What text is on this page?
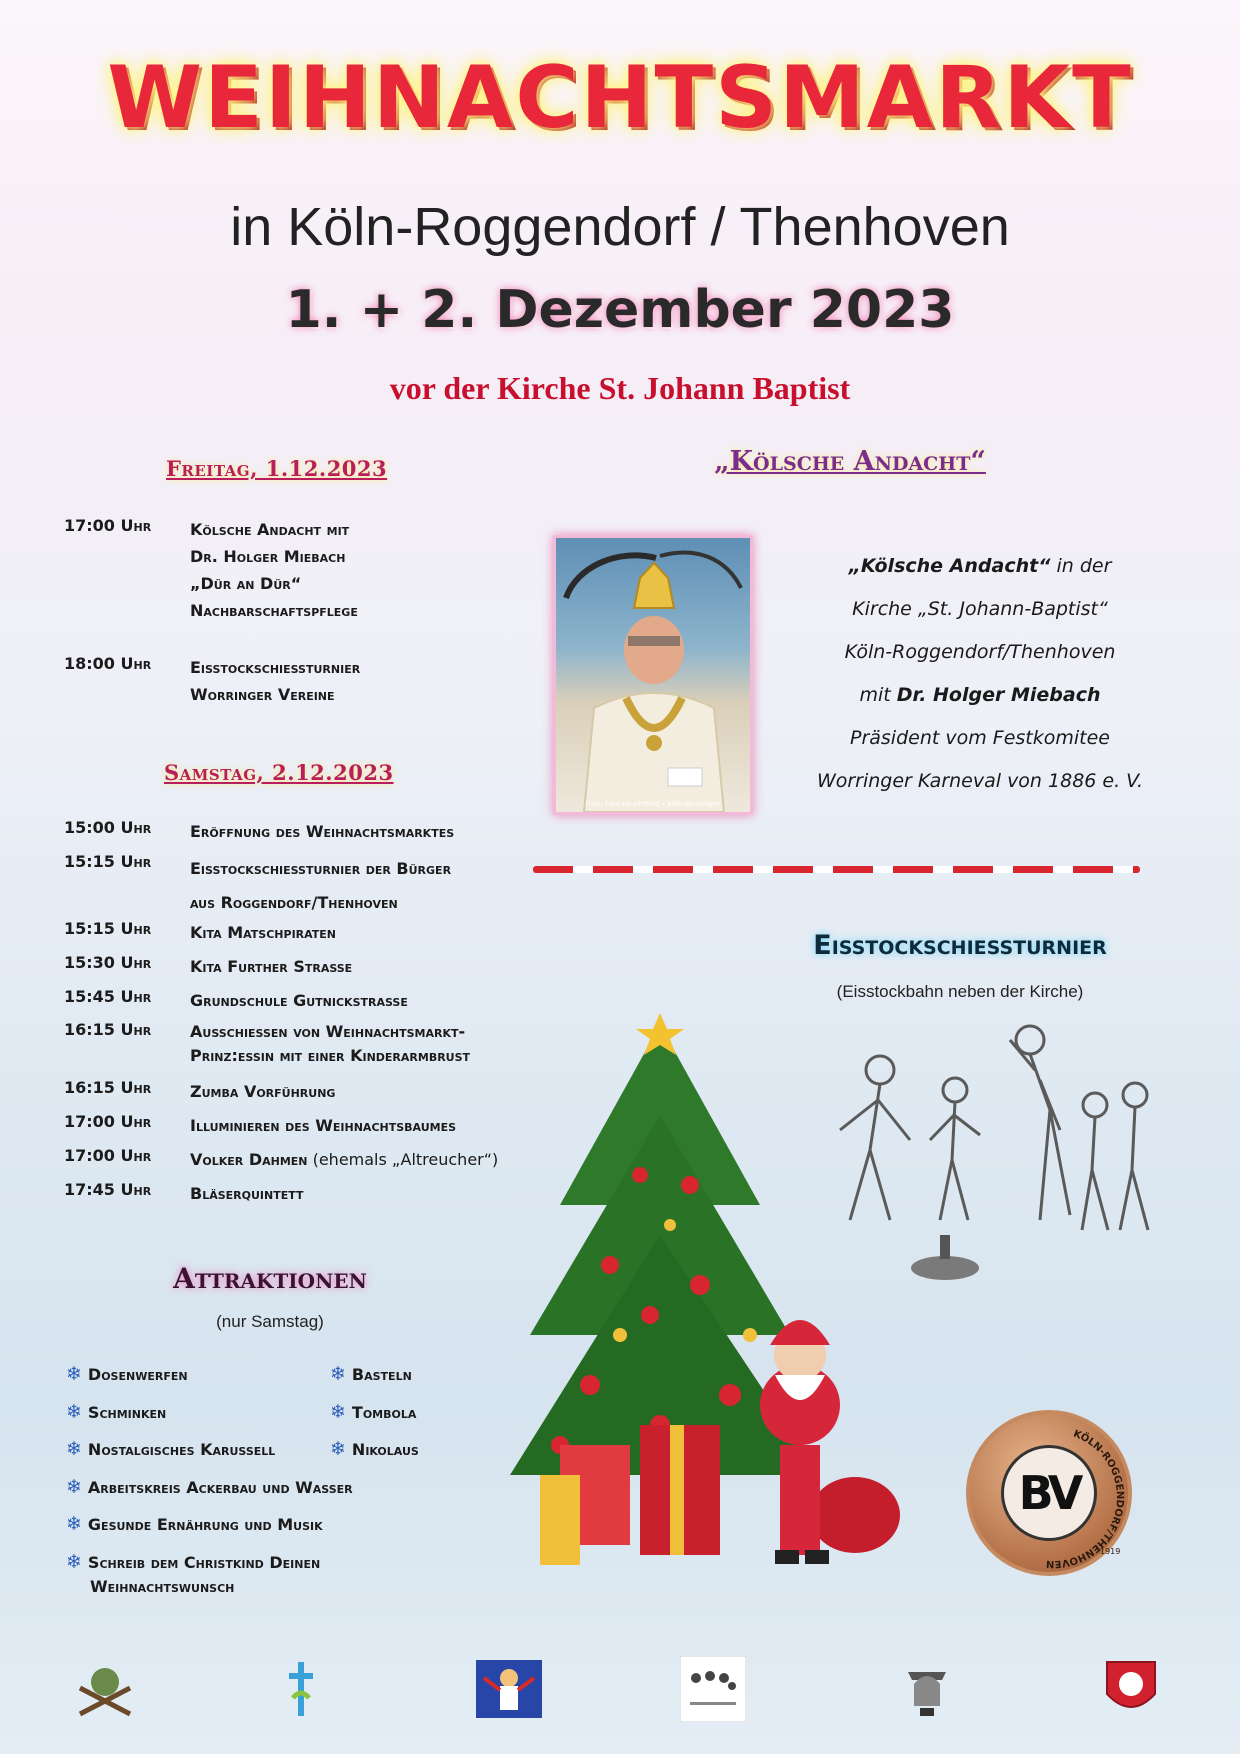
WEIHNACHTSMARKT
in Köln-Roggendorf / Thenhoven
1. + 2. Dezember 2023
vor der Kirche St. Johann Baptist
Freitag, 1.12.2023
17:00 Uhr Kölsche Andacht mit
Dr. Holger Miebach
„Dür an Dür“
Nachbarschaftspflege
18:00 Uhr Eisstockschießturnier
Worringer Vereine
Samstag, 2.12.2023
15:00 Uhr Eröffnung des Weihnachtsmarktes
15:15 Uhr Eisstockschießturnier der Bürger
aus Roggendorf/Thenhoven
15:15 Uhr Kita Matschpiraten
15:30 Uhr Kita Further Straße
15:45 Uhr Grundschule Gutnickstraße
16:15 Uhr Ausschießen von Weihnachtsmarkt-
Prinz:essin mit einer Kinderarmbrust
16:15 Uhr Zumba Vorführung
17:00 Uhr Illuminieren des Weihnachtsbaumes
17:00 Uhr Volker Dahmen (ehemals „Altreucher“)
17:45 Uhr Bläserquintett
„Kölsche Andacht“
Foto: Foto Leuchtfeld • Köln-Worringen
„Kölsche Andacht“ in der
Kirche „St. Johann-Baptist“
Köln-Roggendorf/Thenhoven
mit Dr. Holger Miebach
Präsident vom Festkomitee
Worringer Karneval von 1886 e. V.
Eisstockschießturnier
(Eisstockbahn neben der Kirche)
Attraktionen
(nur Samstag)
❄ Dosenwerfen
❄ Schminken
❄ Nostalgisches Karussell
❄ Arbeitskreis Ackerbau und Wasser
❄ Gesunde Ernährung und Musik
❄ Schreib dem Christkind Deinen
Weihnachtswunsch
❄ Basteln
❄ Tombola
❄ Nikolaus
KÖLN-ROGGENDORF/THENHOVEN
1919
BV
